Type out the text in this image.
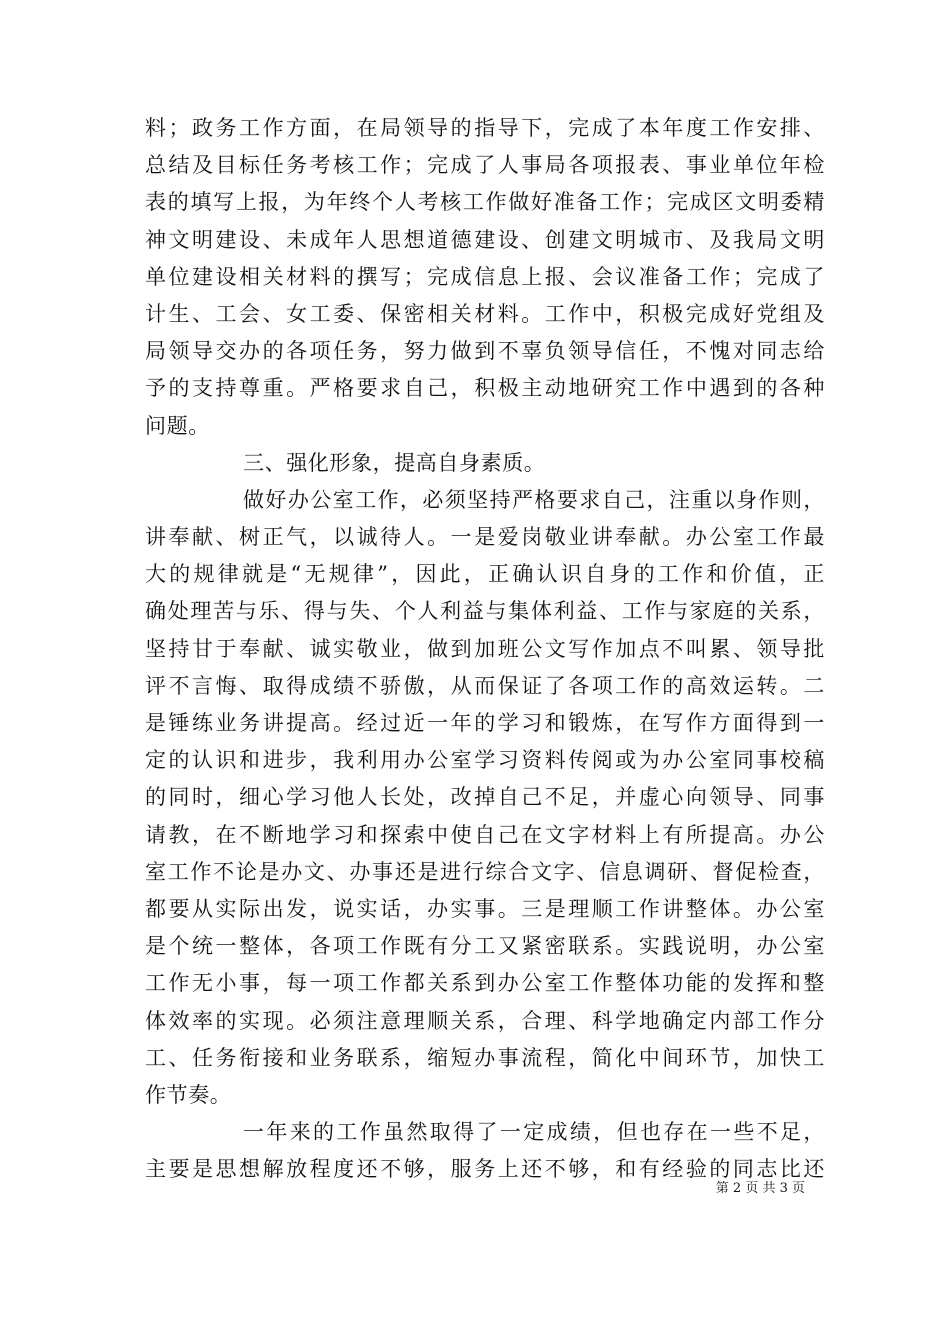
料；政务工作方面，在局领导的指导下，完成了本年度工作安排、
总结及目标任务考核工作；完成了人事局各项报表、事业单位年检
表的填写上报，为年终个人考核工作做好准备工作；完成区文明委精
神文明建设、未成年人思想道德建设、创建文明城市、及我局文明
单位建设相关材料的撰写；完成信息上报、会议准备工作；完成了
计生、工会、女工委、保密相关材料。工作中，积极完成好党组及
局领导交办的各项任务，努力做到不辜负领导信任，不愧对同志给
予的支持尊重。严格要求自己，积极主动地研究工作中遇到的各种
问题。
三、强化形象，提高自身素质。
做好办公室工作，必须坚持严格要求自己，注重以身作则，
讲奉献、树正气，以诚待人。一是爱岗敬业讲奉献。办公室工作最
大的规律就是“无规律”，因此，正确认识自身的工作和价值，正
确处理苦与乐、得与失、个人利益与集体利益、工作与家庭的关系，
坚持甘于奉献、诚实敬业，做到加班公文写作加点不叫累、领导批
评不言悔、取得成绩不骄傲，从而保证了各项工作的高效运转。二
是锤练业务讲提高。经过近一年的学习和锻炼，在写作方面得到一
定的认识和进步，我利用办公室学习资料传阅或为办公室同事校稿
的同时，细心学习他人长处，改掉自己不足，并虚心向领导、同事
请教，在不断地学习和探索中使自己在文字材料上有所提高。办公
室工作不论是办文、办事还是进行综合文字、信息调研、督促检查，
都要从实际出发，说实话，办实事。三是理顺工作讲整体。办公室
是个统一整体，各项工作既有分工又紧密联系。实践说明，办公室
工作无小事，每一项工作都关系到办公室工作整体功能的发挥和整
体效率的实现。必须注意理顺关系，合理、科学地确定内部工作分
工、任务衔接和业务联系，缩短办事流程，简化中间环节，加快工
作节奏。
一年来的工作虽然取得了一定成绩，但也存在一些不足，
主要是思想解放程度还不够，服务上还不够，和有经验的同志比还
第 2 页 共 3 页
